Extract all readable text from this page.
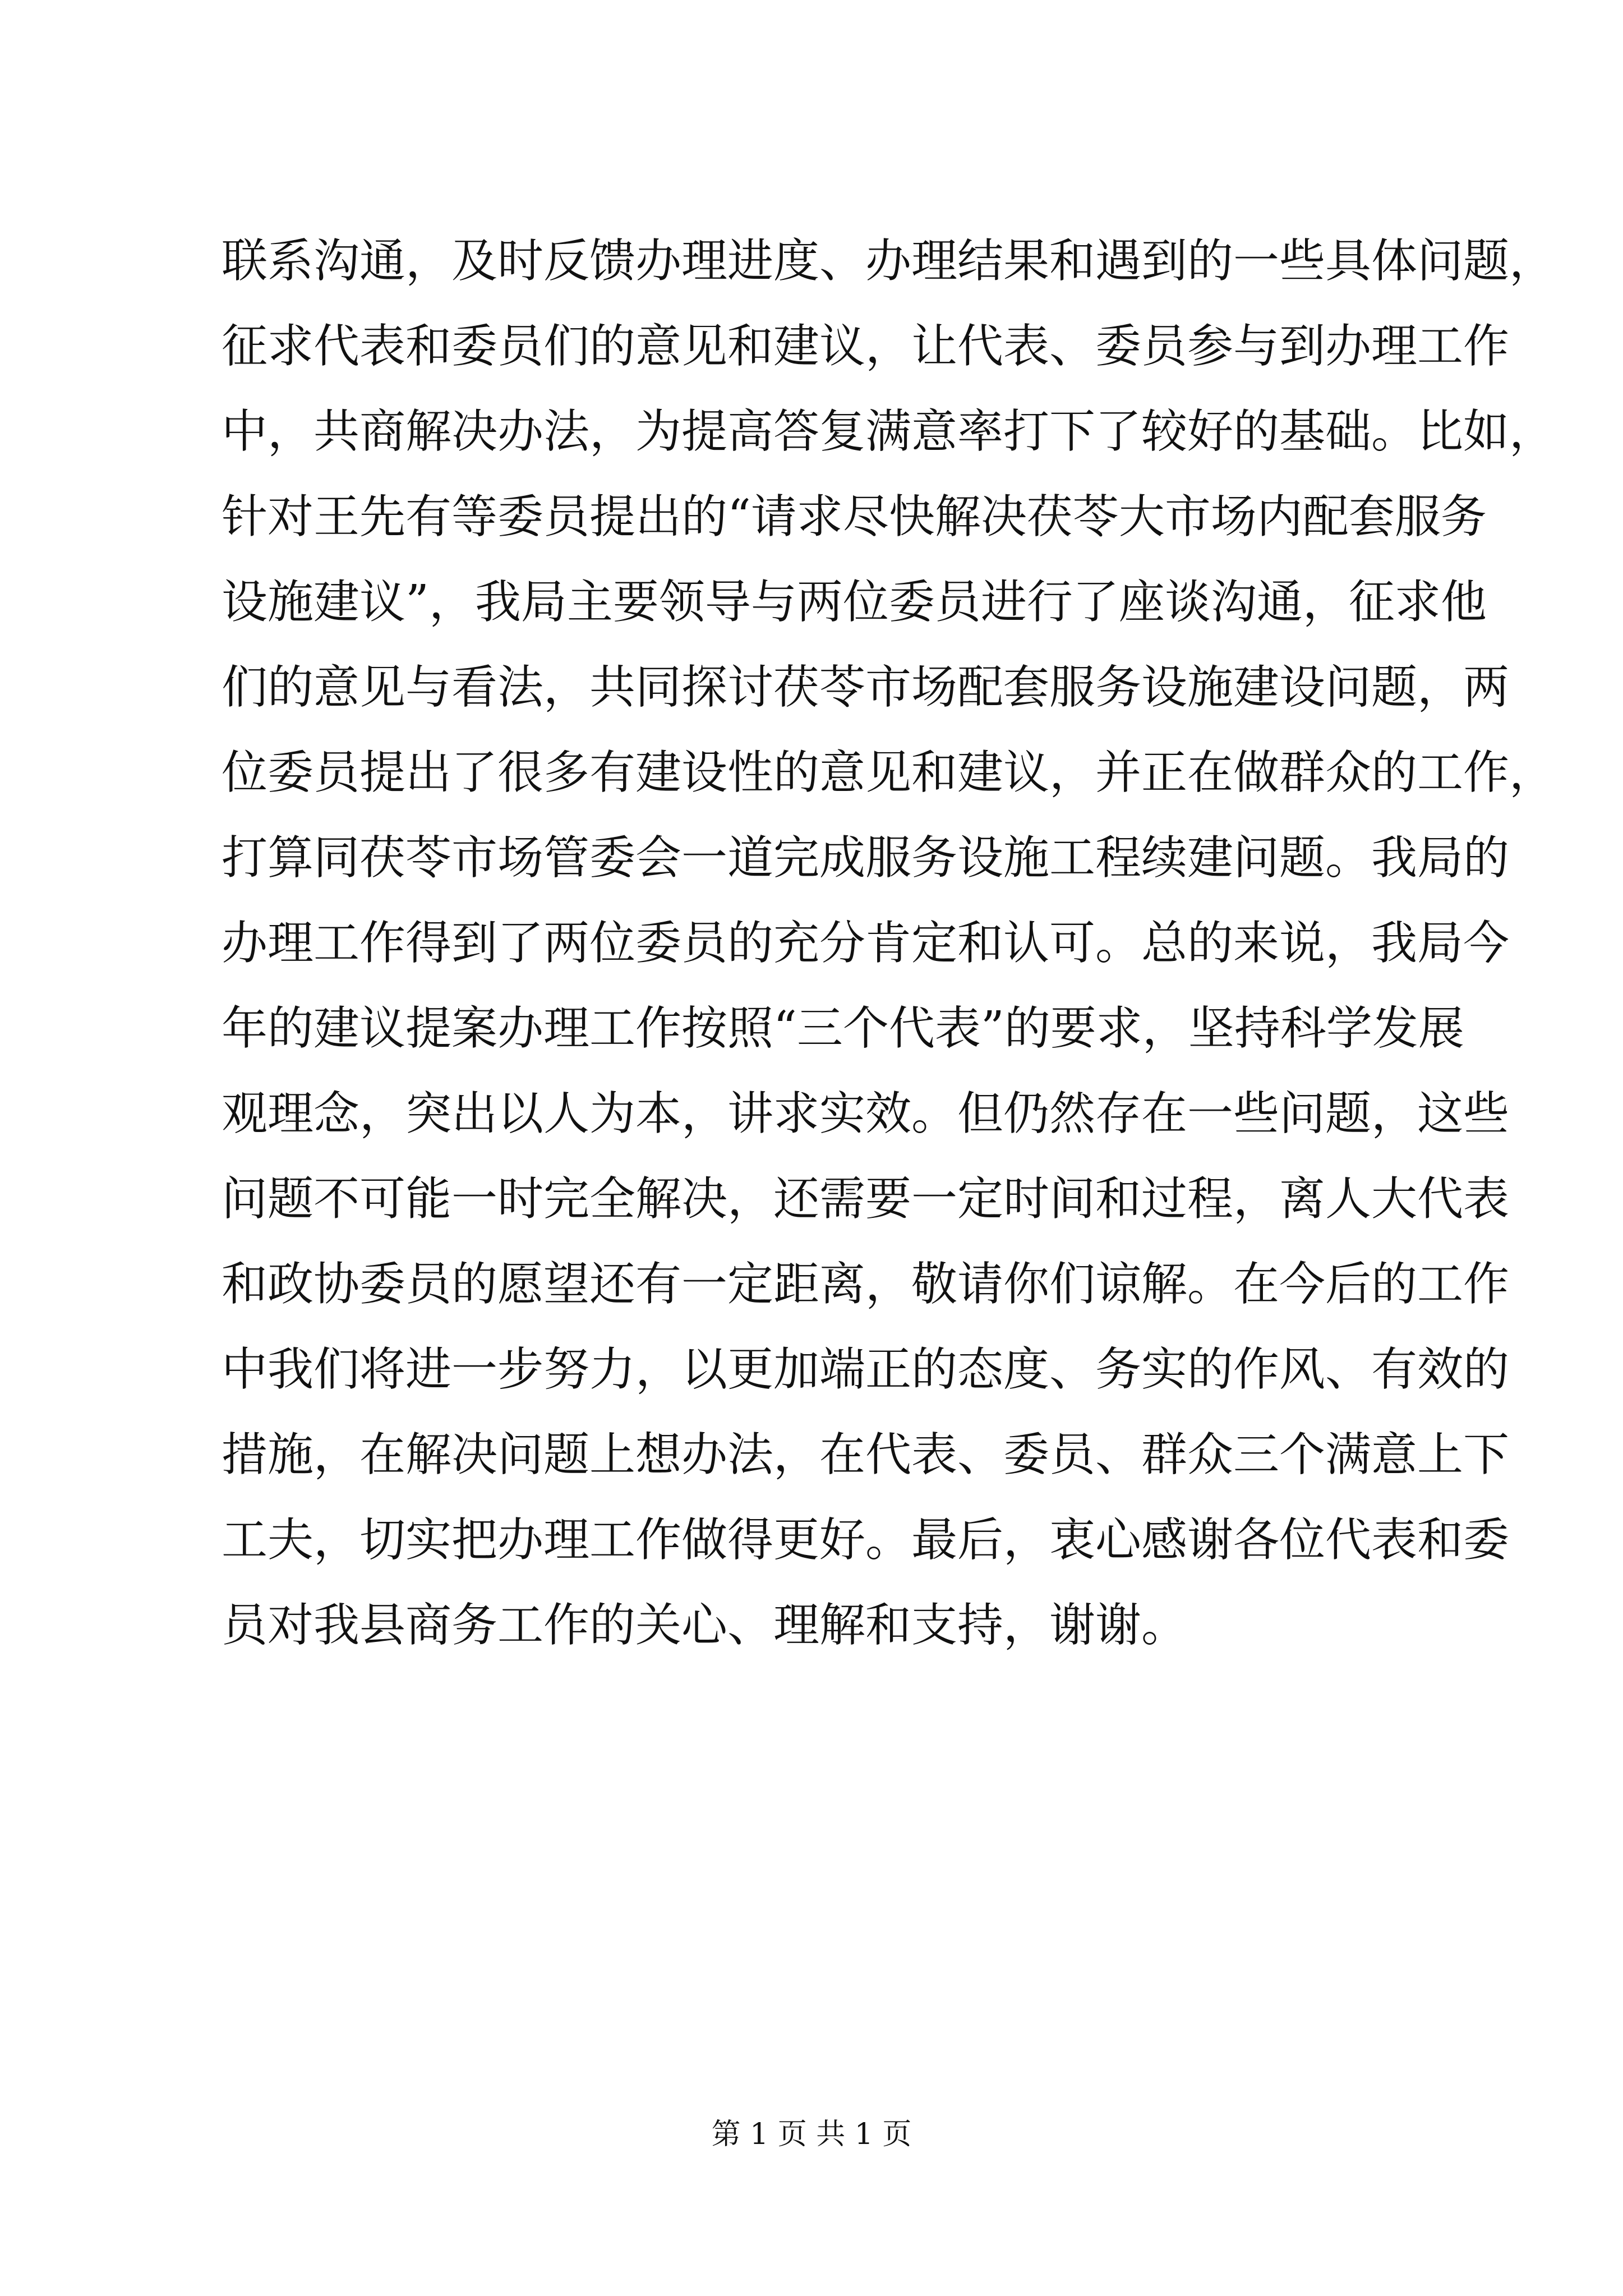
联系沟通，及时反馈办理进度、办理结果和遇到的一些具体问题，
征求代表和委员们的意见和建议，让代表、委员参与到办理工作
中，共商解决办法，为提高答复满意率打下了较好的基础。比如，
针对王先有等委员提出的“请求尽快解决茯苓大市场内配套服务
设施建议”，我局主要领导与两位委员进行了座谈沟通，征求他
们的意见与看法，共同探讨茯苓市场配套服务设施建设问题，两
位委员提出了很多有建设性的意见和建议，并正在做群众的工作，
打算同茯苓市场管委会一道完成服务设施工程续建问题。我局的
办理工作得到了两位委员的充分肯定和认可。总的来说，我局今
年的建议提案办理工作按照“三个代表”的要求，坚持科学发展
观理念，突出以人为本，讲求实效。但仍然存在一些问题，这些
问题不可能一时完全解决，还需要一定时间和过程，离人大代表
和政协委员的愿望还有一定距离，敬请你们谅解。在今后的工作
中我们将进一步努力，以更加端正的态度、务实的作风、有效的
措施，在解决问题上想办法，在代表、委员、群众三个满意上下
工夫，切实把办理工作做得更好。最后，衷心感谢各位代表和委
员对我县商务工作的关心、理解和支持，谢谢。
第 1 页 共 1 页
